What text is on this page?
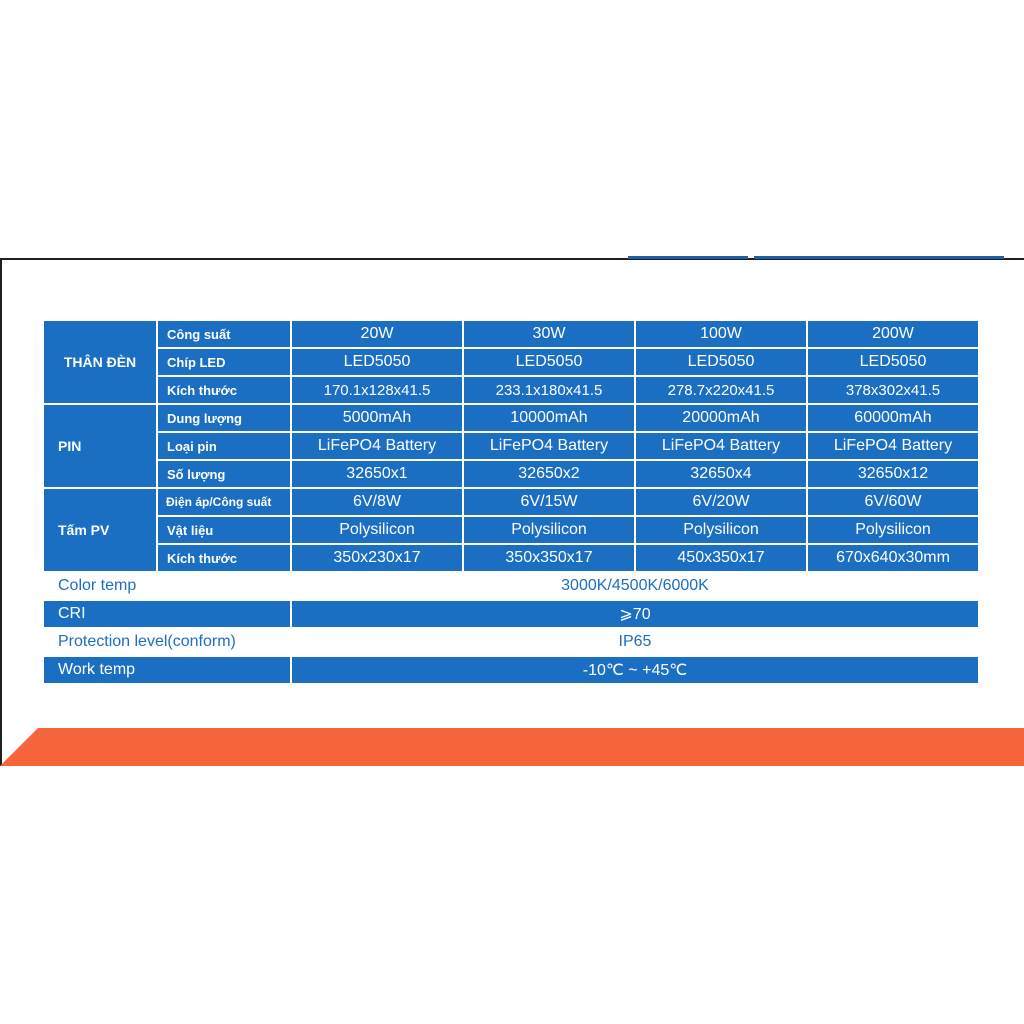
THÂN ĐÈN	Công suất	20W	30W	100W	200W
	Chíp LED	LED5050	LED5050	LED5050	LED5050
	Kích thước	170.1x128x41.5	233.1x180x41.5	278.7x220x41.5	378x302x41.5
PIN	Dung lượng	5000mAh	10000mAh	20000mAh	60000mAh
	Loại pin	LiFePO4 Battery	LiFePO4 Battery	LiFePO4 Battery	LiFePO4 Battery
	Số lượng	32650x1	32650x2	32650x4	32650x12
Tấm PV	Điện áp/Công suất	6V/8W	6V/15W	6V/20W	6V/60W
	Vật liệu	Polysilicon	Polysilicon	Polysilicon	Polysilicon
	Kích thước	350x230x17	350x350x17	450x350x17	670x640x30mm
Color temp		3000K/4500K/6000K			
CRI		⩾70			
Protection level(conform)		IP65			
Work temp		-10℃ ~ +45℃			
